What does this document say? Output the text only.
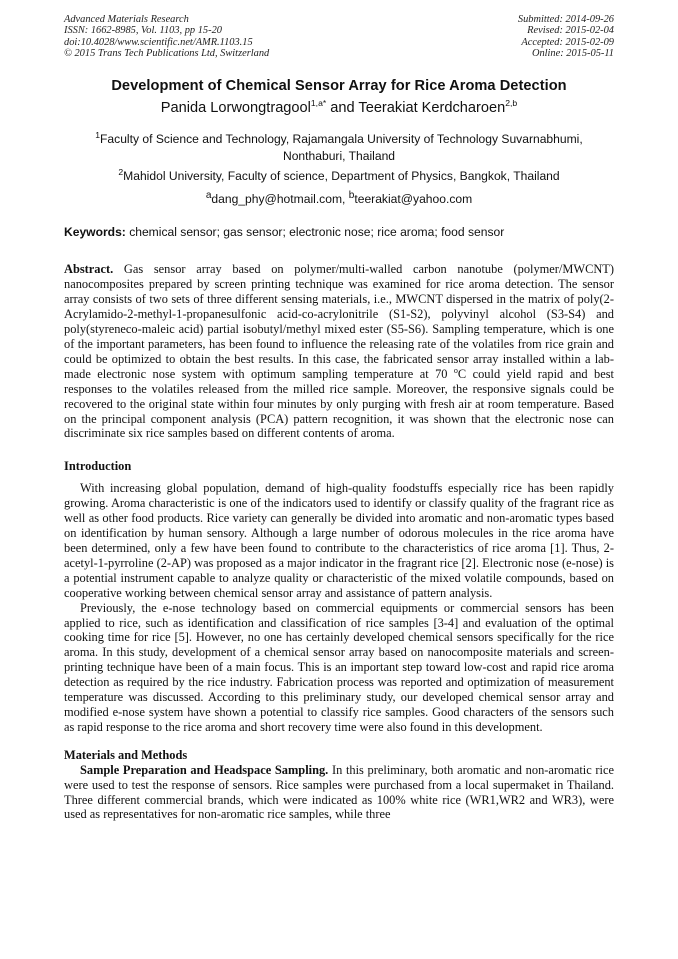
Advanced Materials Research
ISSN: 1662-8985, Vol. 1103, pp 15-20
doi:10.4028/www.scientific.net/AMR.1103.15
© 2015 Trans Tech Publications Ltd, Switzerland
Submitted: 2014-09-26
Revised: 2015-02-04
Accepted: 2015-02-09
Online: 2015-05-11
Development of Chemical Sensor Array for Rice Aroma Detection
Panida Lorwongtragool$^{1,a*}$ and Teerakiat Kerdcharoen$^{2,b}$
$^1$Faculty of Science and Technology, Rajamangala University of Technology Suvarnabhumi,
Nonthaburi, Thailand
$^2$Mahidol University, Faculty of science, Department of Physics, Bangkok, Thailand
$^a$dang_phy@hotmail.com, $^b$teerakiat@yahoo.com
Keywords: chemical sensor; gas sensor; electronic nose; rice aroma; food sensor
Abstract. Gas sensor array based on polymer/multi-walled carbon nanotube (polymer/MWCNT) nanocomposites prepared by screen printing technique was examined for rice aroma detection. The sensor array consists of two sets of three different sensing materials, i.e., MWCNT dispersed in the matrix of poly(2-Acrylamido-2-methyl-1-propanesulfonic acid-co-acrylonitrile (S1-S2), polyvinyl alcohol (S3-S4) and poly(styreneco-maleic acid) partial isobutyl/methyl mixed ester (S5-S6). Sampling temperature, which is one of the important parameters, has been found to influence the releasing rate of the volatiles from rice grain and could be optimized to obtain the best results. In this case, the fabricated sensor array installed within a lab-made electronic nose system with optimum sampling temperature at 70 $^o$C could yield rapid and best responses to the volatiles released from the milled rice sample. Moreover, the responsive signals could be recovered to the original state within four minutes by only purging with fresh air at room temperature. Based on the principal component analysis (PCA) pattern recognition, it was shown that the electronic nose can discriminate six rice samples based on different contents of aroma.
Introduction

With increasing global population, demand of high-quality foodstuffs especially rice has been rapidly growing. Aroma characteristic is one of the indicators used to identify or classify quality of the fragrant rice as well as other food products. Rice variety can generally be divided into aromatic and non-aromatic types based on identification by human sensory. Although a large number of odorous molecules in the rice aroma have been determined, only a few have been found to contribute to the characteristics of rice aroma [1]. Thus, 2-acetyl-1-pyrroline (2-AP) was proposed as a major indicator in the fragrant rice [2]. Electronic nose (e-nose) is a potential instrument capable to analyze quality or characteristic of the mixed volatile compounds, based on cooperative working between chemical sensor array and assistance of pattern analysis.

Previously, the e-nose technology based on commercial equipments or commercial sensors has been applied to rice, such as identification and classification of rice samples [3-4] and evaluation of the optimal cooking time for rice [5]. However, no one has certainly developed chemical sensors specifically for the rice aroma. In this study, development of a chemical sensor array based on nanocomposite materials and screen-printing technique have been of a main focus. This is an important step toward low-cost and rapid rice aroma detection as required by the rice industry. Fabrication process was reported and optimization of measurement temperature was discussed. According to this preliminary study, our developed chemical sensor array and modified e-nose system have shown a potential to classify rice samples. Good characters of the sensors such as rapid response to the rice aroma and short recovery time were also found in this development.

Materials and Methods

Sample Preparation and Headspace Sampling. In this preliminary, both aromatic and non-aromatic rice were used to test the response of sensors. Rice samples were purchased from a local supermaket in Thailand. Three different commercial brands, which were indicated as 100% white rice (WR1,WR2 and WR3), were used as representatives for non-aromatic rice samples, while three
